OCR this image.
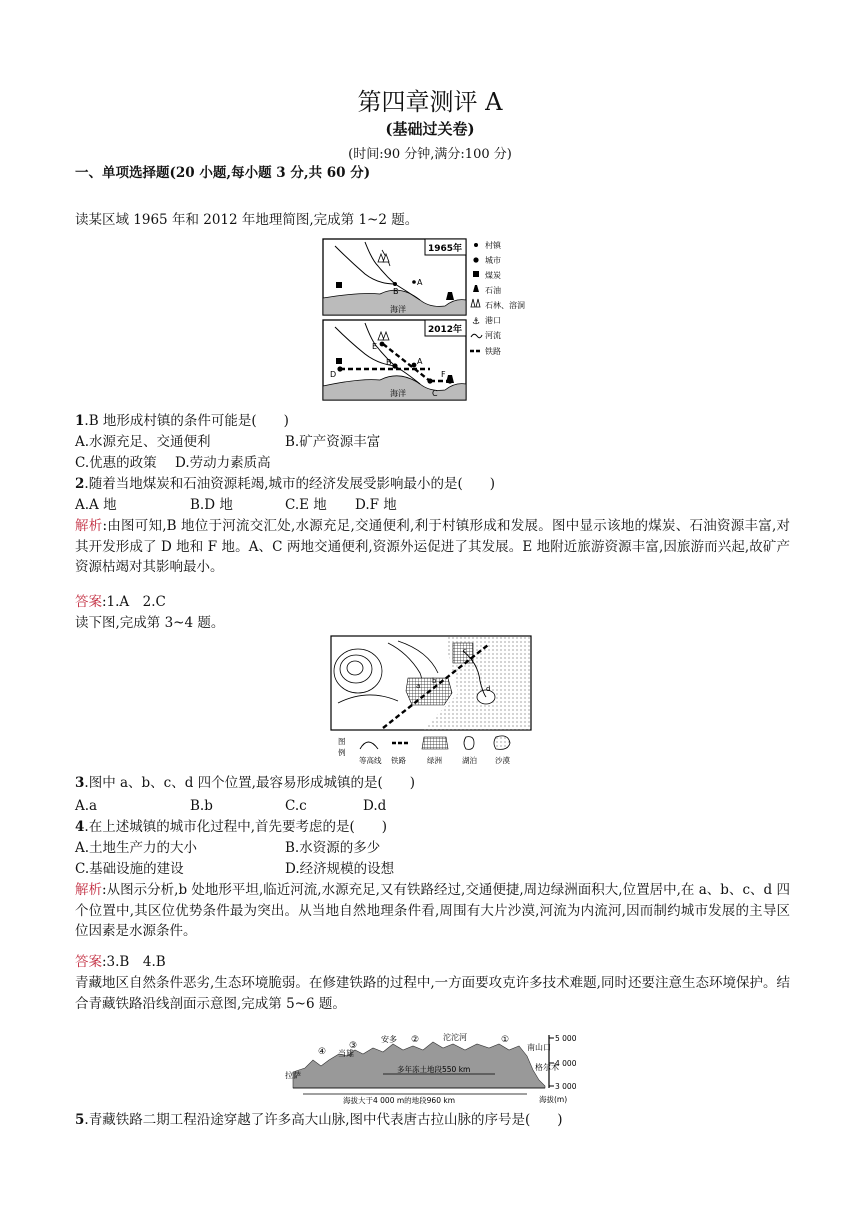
第四章测评 A
(基础过关卷)
(时间:90 分钟,满分:100 分)
一、单项选择题(20 小题,每小题 3 分,共 60 分)
读某区域 1965 年和 2012 年地理简图,完成第 1~2 题。
1965年
海洋
B
A
2012年
海洋
D
B	A
E
C
F
村镇
城市
煤炭
石油
石林、溶洞
⚓ 港口
河流
铁路
1.B 地形成村镇的条件可能是(　　)
A.水源充足、交通便利	B.矿产资源丰富
C.优惠的政策 D.劳动力素质高
2.随着当地煤炭和石油资源耗竭,城市的经济发展受影响最小的是(　　)
A.A 地	B.D 地	C.E 地 D.F 地
解析:由图可知,B 地位于河流交汇处,水源充足,交通便利,利于村镇形成和发展。图中显示该地的煤炭、石油资源丰富,对其开发形成了 D 地和 F 地。A、C 两地交通便利,资源外运促进了其发展。E 地附近旅游资源丰富,因旅游而兴起,故矿产资源枯竭对其影响最小。
答案:1.A　2.C
读下图,完成第 3~4 题。
a
b
c
d
图
例
等高线 铁路	绿洲	湖泊 沙漠
3.图中 a、b、c、d 四个位置,最容易形成城镇的是(　　)
A.a	B.b	C.c	D.d
4.在上述城镇的城市化过程中,首先要考虑的是(　　)
A.土地生产力的大小	B.水资源的多少
C.基础设施的建设	D.经济规模的设想
解析:从图示分析,b 处地形平坦,临近河流,水源充足,又有铁路经过,交通便捷,周边绿洲面积大,位置居中,在 a、b、c、d 四个位置中,其区位优势条件最为突出。从当地自然地理条件看,周围有大片沙漠,河流为内流河,因而制约城市发展的主导区位因素是水源条件。
答案:3.B　4.B
青藏地区自然条件恶劣,生态环境脆弱。在修建铁路的过程中,一方面要攻克许多技术难题,同时还要注意生态环境保护。结合青藏铁路沿线剖面示意图,完成第 5~6 题。
拉萨
当雄
安多	沱沱河
南山口
格尔木
④
③
②	①
多年冻土地段550 km
海拔大于4 000 m的地段960 km
5 000
4 000
3 000
海拔(m)
5.青藏铁路二期工程沿途穿越了许多高大山脉,图中代表唐古拉山脉的序号是(　　)
